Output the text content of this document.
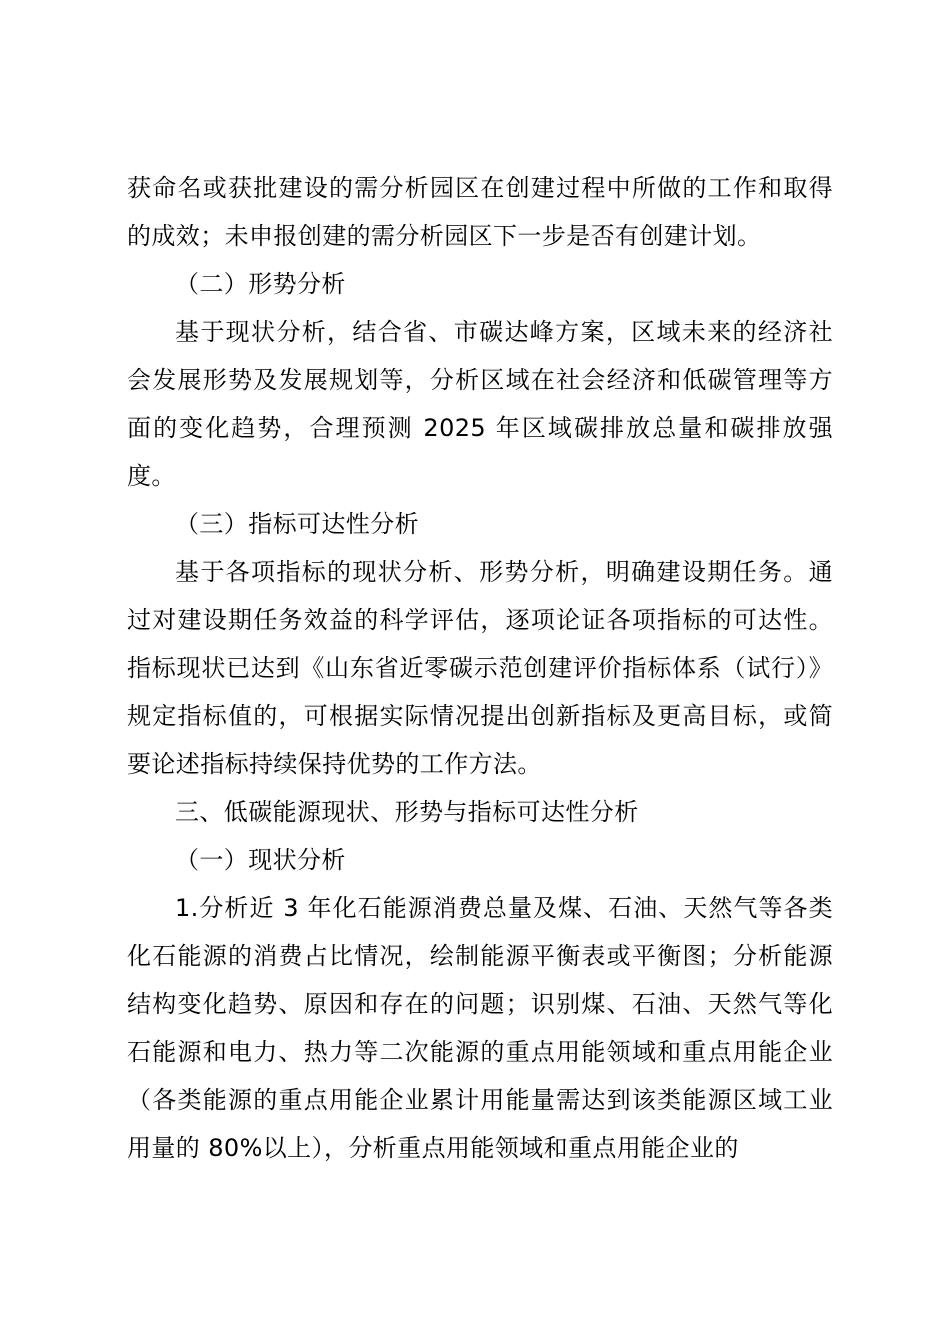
获命名或获批建设的需分析园区在创建过程中所做的工作和取得的成效；未申报创建的需分析园区下一步是否有创建计划。

（二）形势分析

基于现状分析，结合省、市碳达峰方案，区域未来的经济社会发展形势及发展规划等，分析区域在社会经济和低碳管理等方面的变化趋势，合理预测 2025 年区域碳排放总量和碳排放强度。

（三）指标可达性分析

基于各项指标的现状分析、形势分析，明确建设期任务。通过对建设期任务效益的科学评估，逐项论证各项指标的可达性。指标现状已达到《山东省近零碳示范创建评价指标体系（试行）》规定指标值的，可根据实际情况提出创新指标及更高目标，或简要论述指标持续保持优势的工作方法。

三、低碳能源现状、形势与指标可达性分析

（一）现状分析

1.分析近 3 年化石能源消费总量及煤、石油、天然气等各类化石能源的消费占比情况，绘制能源平衡表或平衡图；分析能源结构变化趋势、原因和存在的问题；识别煤、石油、天然气等化石能源和电力、热力等二次能源的重点用能领域和重点用能企业（各类能源的重点用能企业累计用能量需达到该类能源区域工业用量的 80%以上），分析重点用能领域和重点用能企业的
